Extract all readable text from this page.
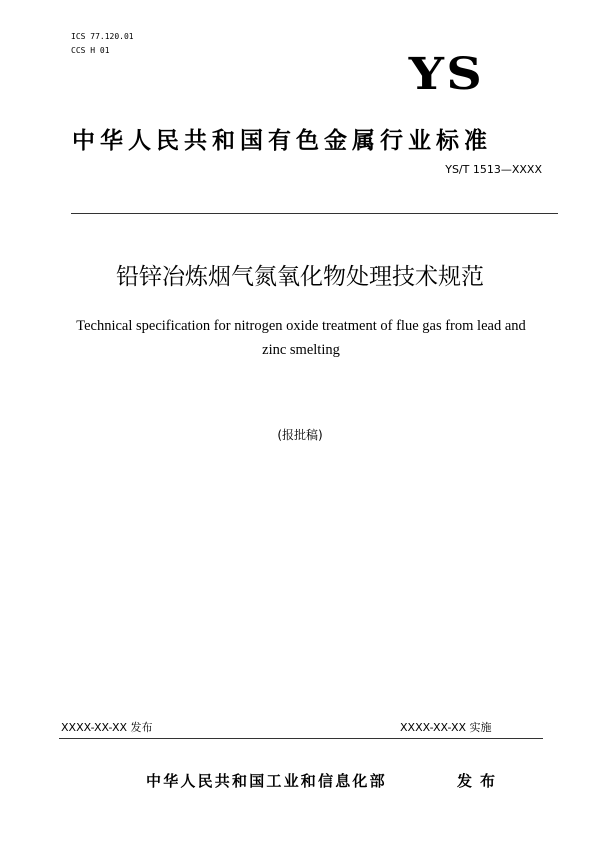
ICS 77.120.01
CCS H 01	YS
中华人民共和国有色金属行业标准
YS/T 1513—XXXX
铅锌冶炼烟气氮氧化物处理技术规范
Technical specification for nitrogen oxide treatment of flue gas from lead and zinc smelting
(报批稿)
XXXX-XX-XX 发布	XXXX-XX-XX 实施
中华人民共和国工业和信息化部	发布
